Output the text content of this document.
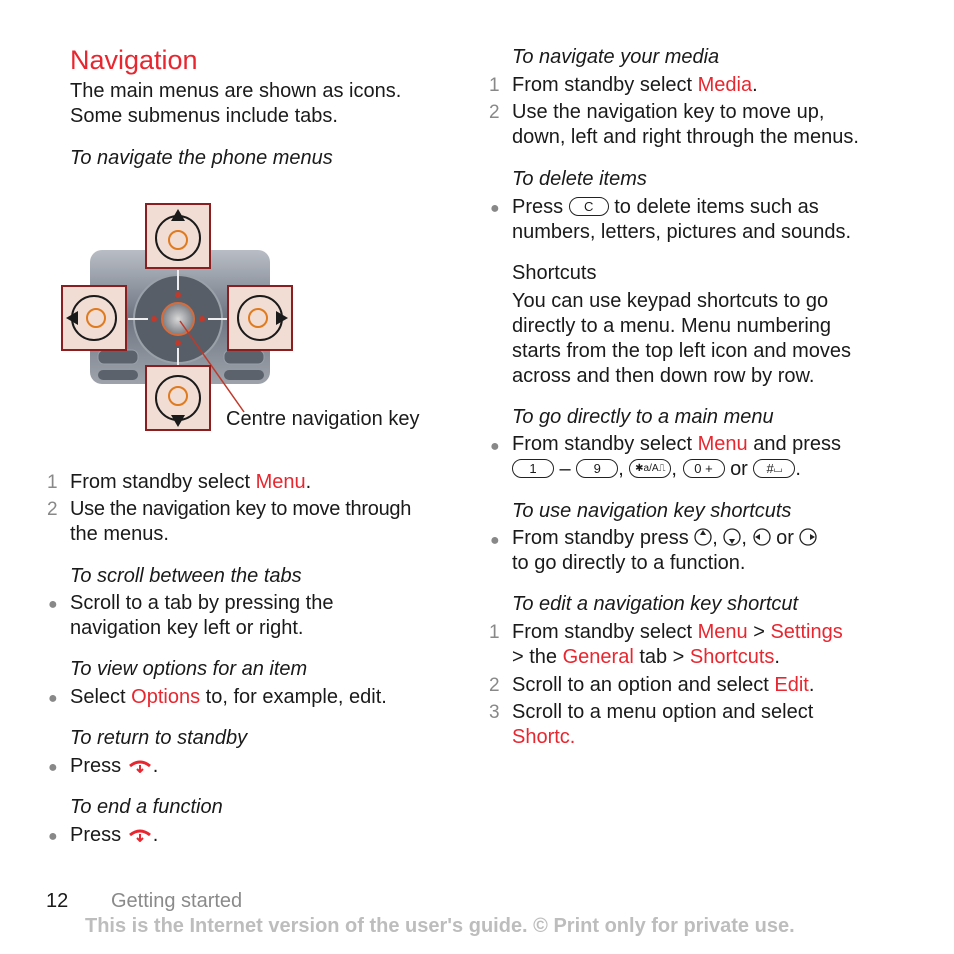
Navigation
The main menus are shown as icons.
Some submenus include tabs.
To navigate the phone menus
Centre navigation key
1 From standby select Menu.
2 Use the navigation key to move through
the menus.
To scroll between the tabs
● Scroll to a tab by pressing the
navigation key left or right.
To view options for an item
● Select Options to, for example, edit.
To return to standby
● Press .
To end a function
● Press .
To navigate your media
1 From standby select Media.
2 Use the navigation key to move up,
down, left and right through the menus.
To delete items
● Press C to delete items such as
numbers, letters, pictures and sounds.
Shortcuts
You can use keypad shortcuts to go
directly to a menu. Menu numbering
starts from the top left icon and moves
across and then down row by row.
To go directly to a main menu
● From standby select Menu and press
1 – 9 , ✱a/A⎍ , 0 + or #⏘ .
To use navigation key shortcuts
● From standby press , ,  or
to go directly to a function.
To edit a navigation key shortcut
1 From standby select Menu > Settings
> the General tab > Shortcuts.
2 Scroll to an option and select Edit.
3 Scroll to a menu option and select
Shortc.
12 Getting started
This is the Internet version of the user's guide. © Print only for private use.
